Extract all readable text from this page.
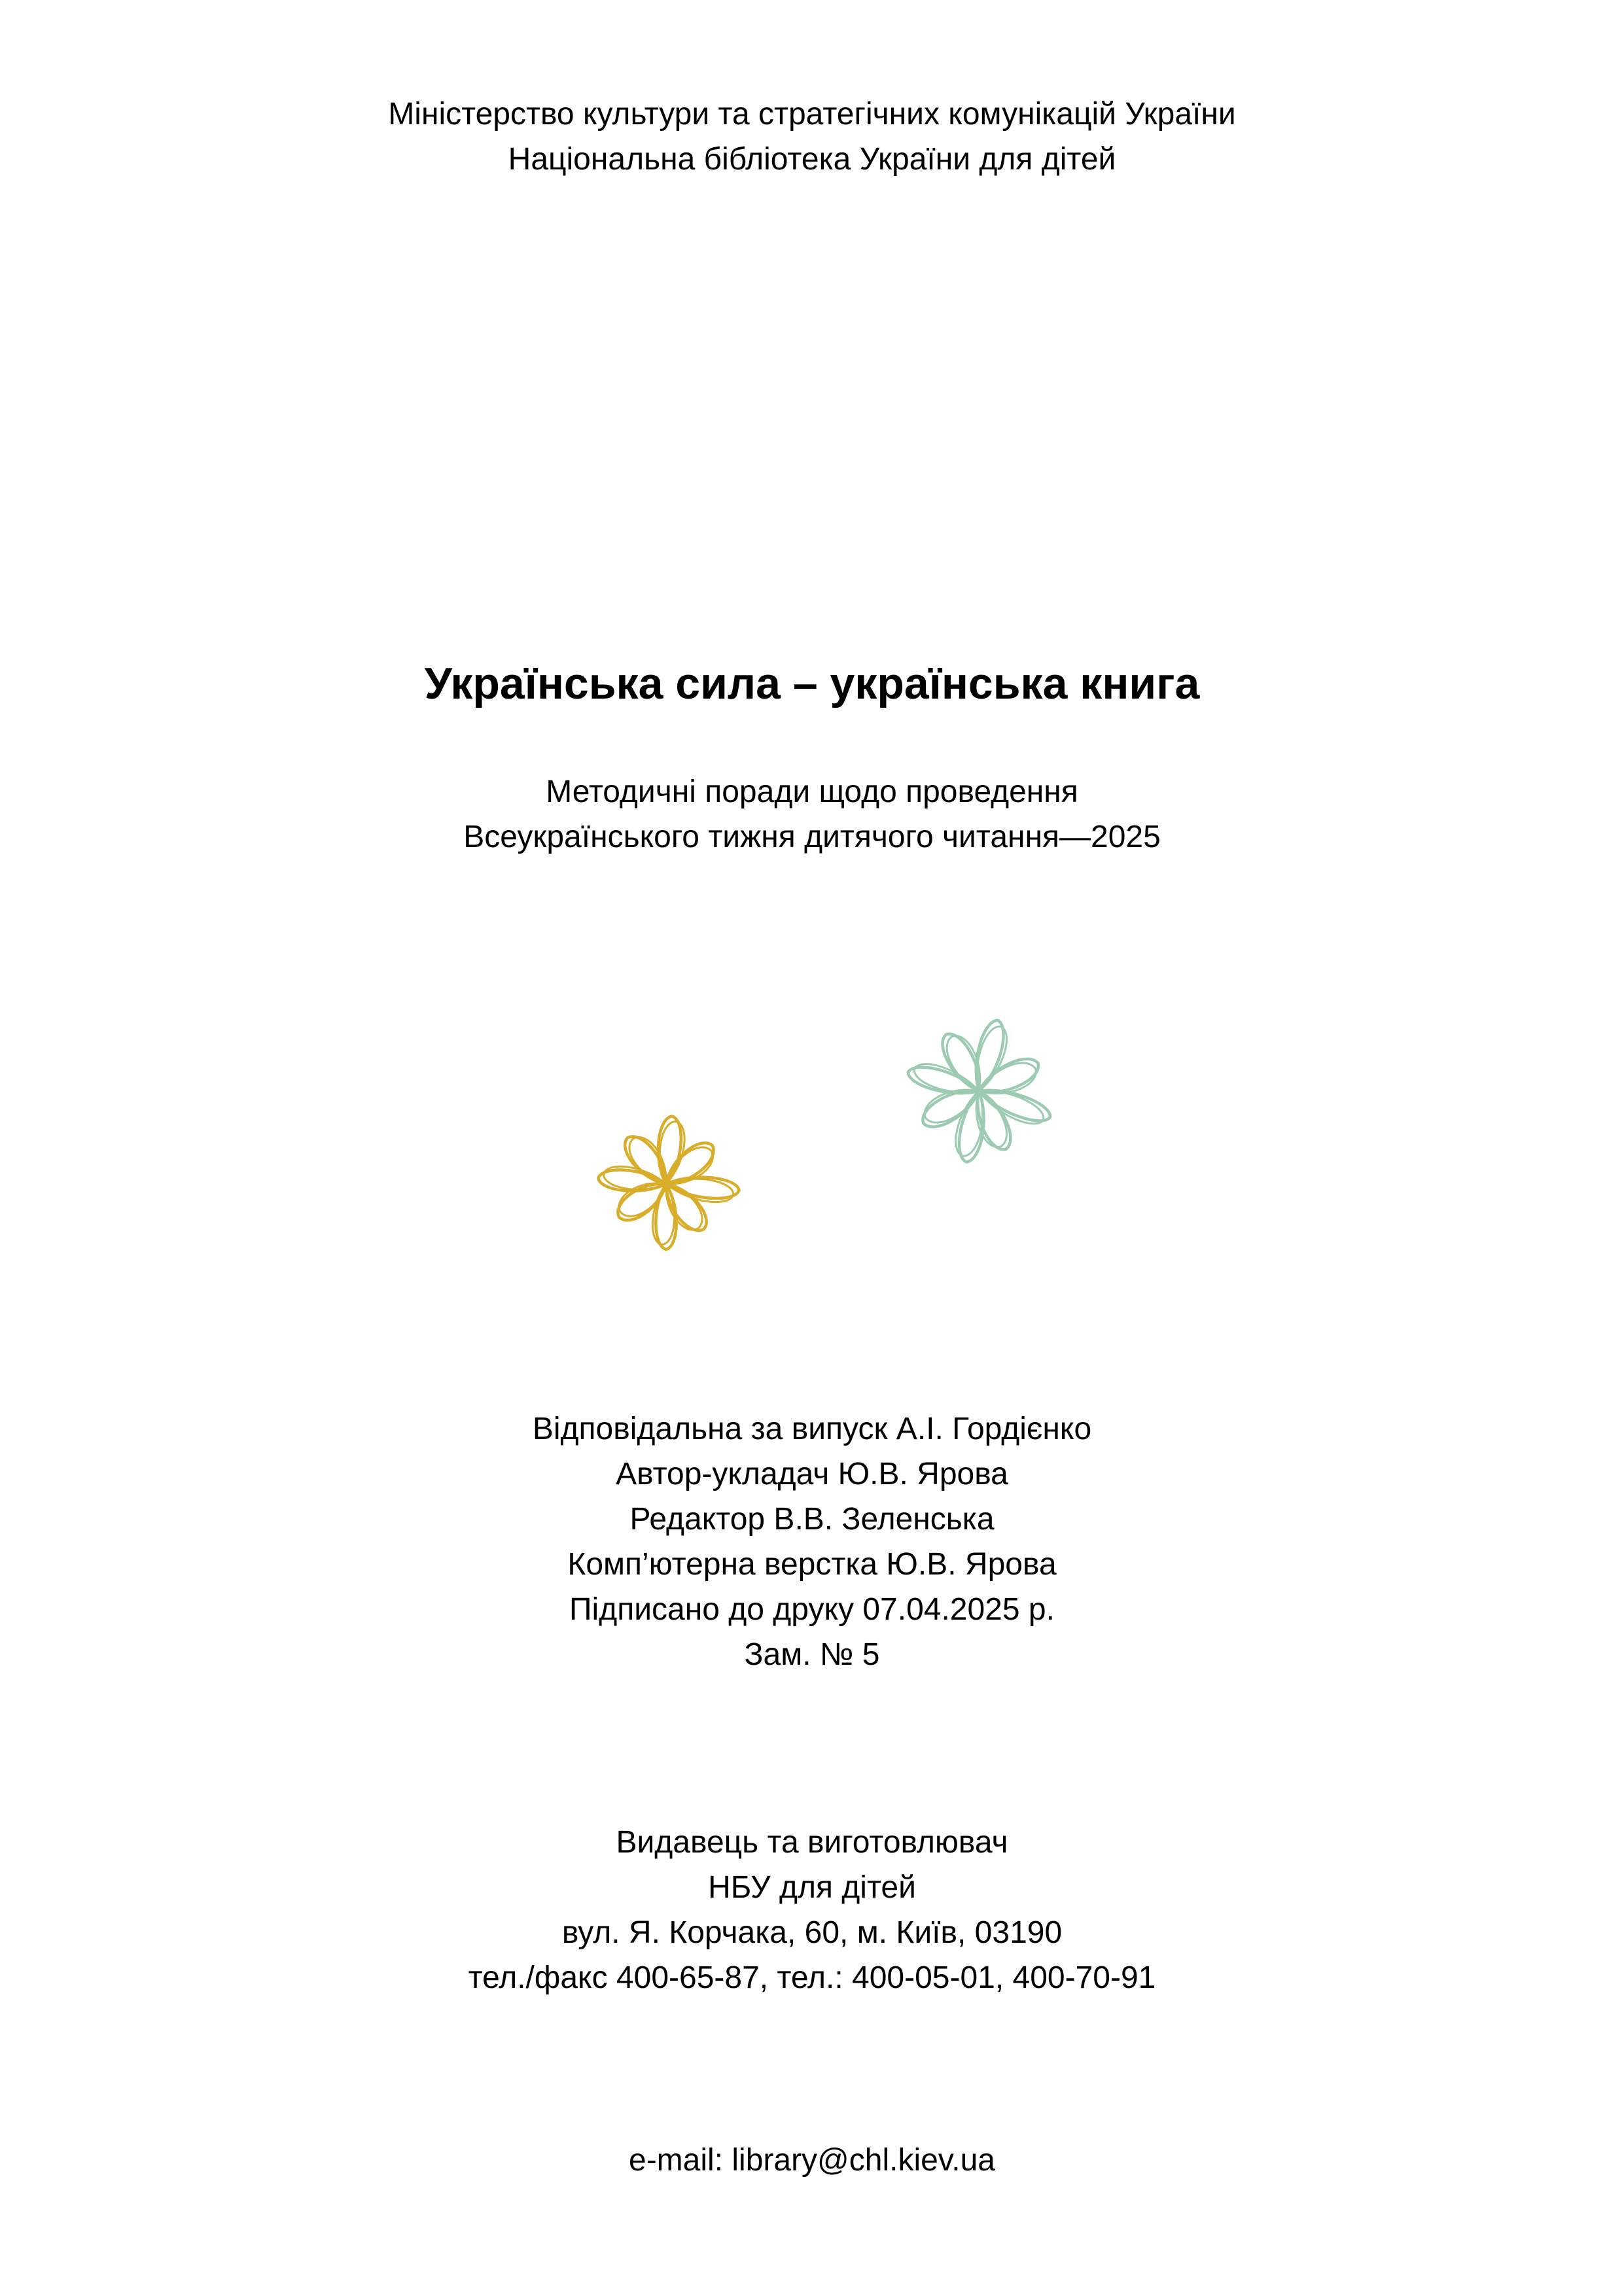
Міністерство культури та стратегічних комунікацій України
Національна бібліотека України для дітей
Українська сила – українська книга
Методичні поради щодо проведення
Всеукраїнського тижня дитячого читання—2025
Відповідальна за випуск А.І. Гордієнко
Автор-укладач Ю.В. Ярова
Редактор В.В. Зеленська
Комп’ютерна верстка Ю.В. Ярова
Підписано до друку 07.04.2025 р.
Зам. № 5
Видавець та виготовлювач
НБУ для дітей
вул. Я. Корчака, 60, м. Київ, 03190
тел./факс 400-65-87, тел.: 400-05-01, 400-70-91
e-mail: library@chl.kiev.ua
